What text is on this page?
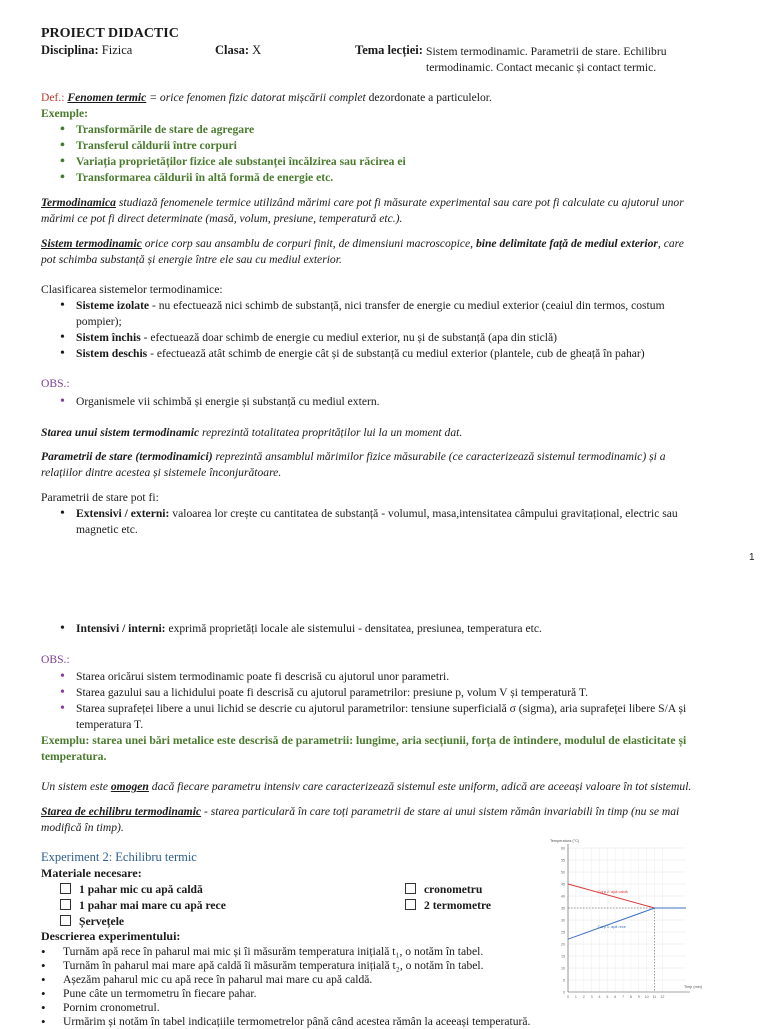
PROIECT DIDACTIC
Disciplina: Fizica	Clasa: X	Tema lecției: Sistem termodinamic. Parametrii de stare. Echilibru
termodinamic. Contact mecanic și contact termic.
Def.: Fenomen termic = orice fenomen fizic datorat mișcării complet dezordonate a particulelor.
Exemple:
• Transformările de stare de agregare
• Transferul căldurii între corpuri
• Variația proprietăților fizice ale substanței încălzirea sau răcirea ei
• Transformarea căldurii în altă formă de energie etc.
Termodinamica studiază fenomenele termice utilizând mărimi care pot fi măsurate experimental sau care pot fi calculate cu ajutorul unor
mărimi ce pot fi direct determinate (masă, volum, presiune, temperatură etc.).
Sistem termodinamic orice corp sau ansamblu de corpuri finit, de dimensiuni macroscopice, bine delimitate față de mediul exterior, care
pot schimba substanță și energie între ele sau cu mediul exterior.
Clasificarea sistemelor termodinamice:
• Sisteme izolate - nu efectuează nici schimb de substanță, nici transfer de energie cu mediul exterior (ceaiul din termos, costum
pompier);
• Sistem închis - efectuează doar schimb de energie cu mediul exterior, nu și de substanță (apa din sticlă)
• Sistem deschis - efectuează atât schimb de energie cât și de substanță cu mediul exterior (plantele, cub de gheață în pahar)
OBS.:
• Organismele vii schimbă și energie și substanță cu mediul extern.
Starea unui sistem termodinamic reprezintă totalitatea proprităților lui la un moment dat.
Parametrii de stare (termodinamici) reprezintă ansamblul mărimilor fizice măsurabile (ce caracterizează sistemul termodinamic) și a
relațiilor dintre acestea și sistemele înconjurătoare.
Parametrii de stare pot fi:
• Extensivi / externi: valoarea lor crește cu cantitatea de substanță - volumul, masa,intensitatea câmpului gravitațional, electric sau
magnetic etc.
1
• Intensivi / interni: exprimă proprietăți locale ale sistemului - densitatea, presiunea, temperatura etc.
OBS.:
• Starea oricărui sistem termodinamic poate fi descrisă cu ajutorul unor parametri.
• Starea gazului sau a lichidului poate fi descrisă cu ajutorul parametrilor: presiune p, volum V și temperatură T.
• Starea suprafeței libere a unui lichid se descrie cu ajutorul parametrilor: tensiune superficială σ (sigma), aria suprafeței libere S/A și
temperatura T.
Exemplu: starea unei bări metalice este descrisă de parametrii: lungime, aria secțiunii, forța de întindere, modulul de elasticitate și
temperatura.
Un sistem este omogen dacă fiecare parametru intensiv care caracterizează sistemul este uniform, adică are aceeași valoare în tot sistemul.
Starea de echilibru termodinamic - starea particulară în care toți parametrii de stare ai unui sistem rămân invariabili în timp (nu se mai
modifică în timp).
Experiment 2: Echilibru termic
Materiale necesare:
1 pahar mic cu apă caldă
1 pahar mai mare cu apă rece
Șervețele
cronometru
2 termometre
Descrierea experimentului:
• Turnăm apă rece în paharul mai mic și îi măsurăm temperatura inițială t₁, o notăm în tabel.
• Turnăm în paharul mai mare apă caldă îi măsurăm temperatura inițială t₂, o notăm în tabel.
• Așezăm paharul mic cu apă rece în paharul mai mare cu apă caldă.
• Pune câte un termometru în fiecare pahar.
• Pornim cronometrul.
• Urmărim și notăm în tabel indicațiile termometrelor până când acestea rămân la aceeași temperatură.
0
5
10
15
20
25
30
35
40
45
50
55
60
0 1 2 3 4 5 6 7 8 9 10 11 12
Temperatura (°C)
Timp (min)
Corp 2: apă caldă
Corp 1: apă rece
